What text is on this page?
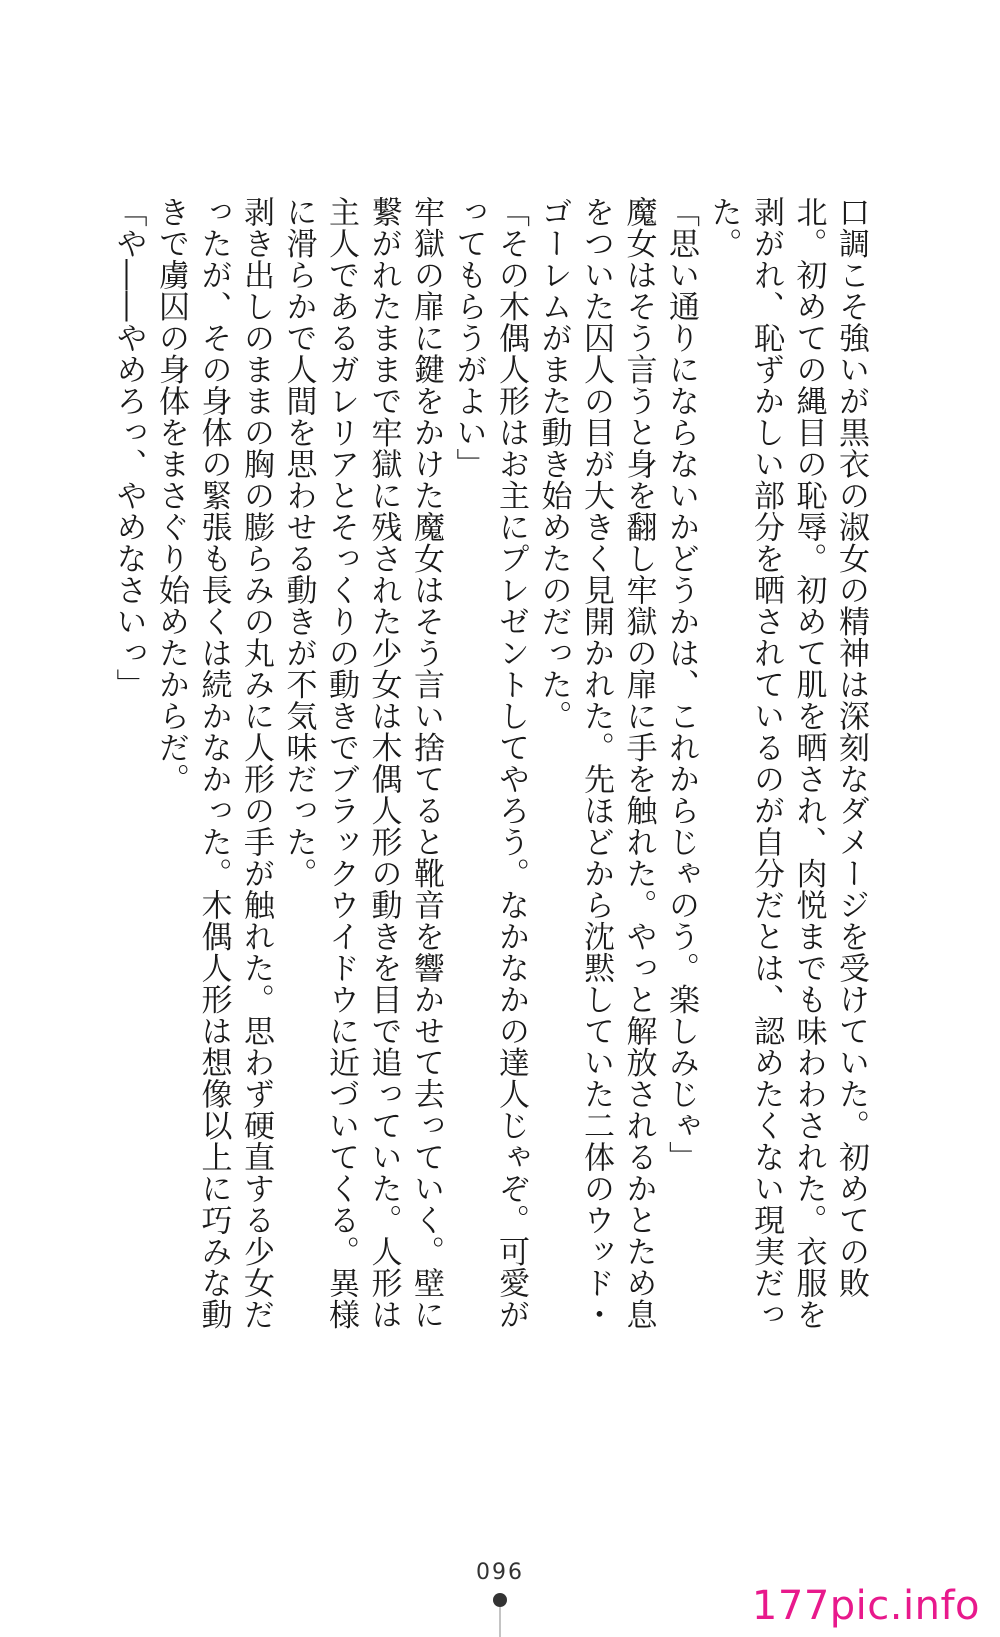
口調こそ強いが黒衣の淑女の精神は深刻なダメージを受けていた。初めての敗北。初めての縄目の恥辱。初めて肌を晒され、肉悦までも味わわされた。衣服を剥がれ、恥ずかしい部分を晒されているのが自分だとは、認めたくない現実だった。

「思い通りにならないかどうかは、これからじゃのう。楽しみじゃ」

魔女はそう言うと身を翻し牢獄の扉に手を触れた。やっと解放されるかとため息をついた囚人の目が大きく見開かれた。先ほどから沈黙していた二体のウッド・ゴーレムがまた動き始めたのだった。

「その木偶人形はお主にプレゼントしてやろう。なかなかの達人じゃぞ。可愛がってもらうがよい」

牢獄の扉に鍵をかけた魔女はそう言い捨てると靴音を響かせて去っていく。壁に繋がれたままで牢獄に残された少女は木偶人形の動きを目で追っていた。人形は主人であるガレリアとそっくりの動きでブラックウイドウに近づいてくる。異様に滑らかで人間を思わせる動きが不気味だった。

剥き出しのままの胸の膨らみの丸みに人形の手が触れた。思わず硬直する少女だったが、その身体の緊張も長くは続かなかった。木偶人形は想像以上に巧みな動きで虜囚の身体をまさぐり始めたからだ。

「や――やめろっ、やめなさいっ」

096
177pic.info
